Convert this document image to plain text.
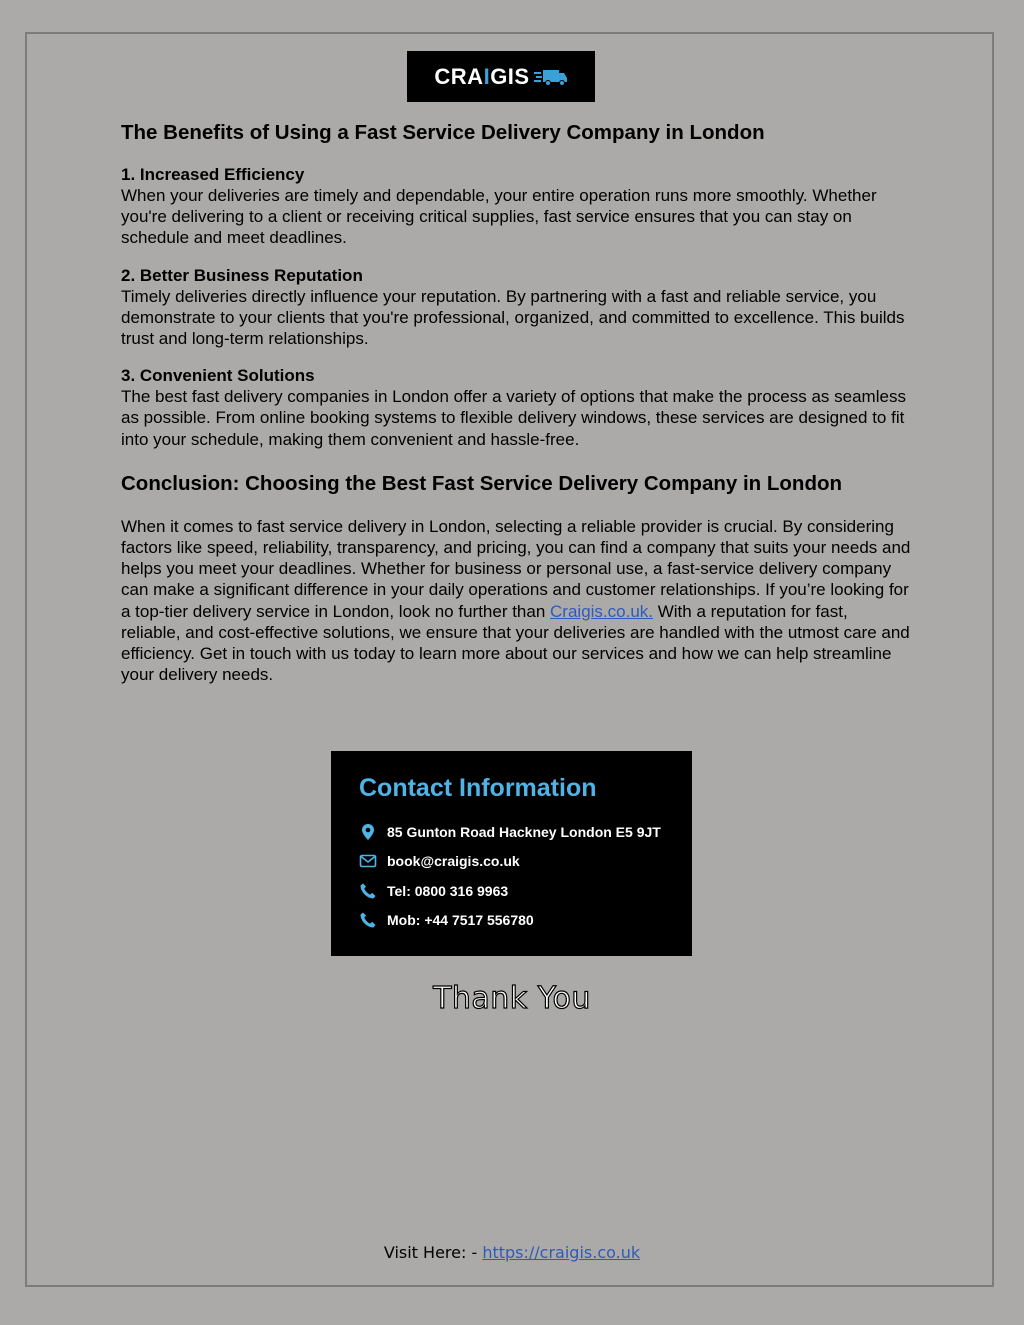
CRAIGIS
The Benefits of Using a Fast Service Delivery Company in London
1. Increased Efficiency

When your deliveries are timely and dependable, your entire operation runs more smoothly. Whether you're delivering to a client or receiving critical supplies, fast service ensures that you can stay on schedule and meet deadlines.

2. Better Business Reputation

Timely deliveries directly influence your reputation. By partnering with a fast and reliable service, you demonstrate to your clients that you're professional, organized, and committed to excellence. This builds trust and long-term relationships.

3. Convenient Solutions

The best fast delivery companies in London offer a variety of options that make the process as seamless as possible. From online booking systems to flexible delivery windows, these services are designed to fit into your schedule, making them convenient and hassle-free.

Conclusion: Choosing the Best Fast Service Delivery Company in London

When it comes to fast service delivery in London, selecting a reliable provider is crucial. By considering factors like speed, reliability, transparency, and pricing, you can find a company that suits your needs and helps you meet your deadlines. Whether for business or personal use, a fast-service delivery company can make a significant difference in your daily operations and customer relationships. If you’re looking for a top-tier delivery service in London, look no further than Craigis.co.uk. With a reputation for fast, reliable, and cost-effective solutions, we ensure that your deliveries are handled with the utmost care and efficiency. Get in touch with us today to learn more about our services and how we can help streamline your delivery needs.

Contact Information
85 Gunton Road Hackney London E5 9JT
book@craigis.co.uk
Tel: 0800 316 9963
Mob: +44 7517 556780
Thank You
Visit Here: - https://craigis.co.uk
